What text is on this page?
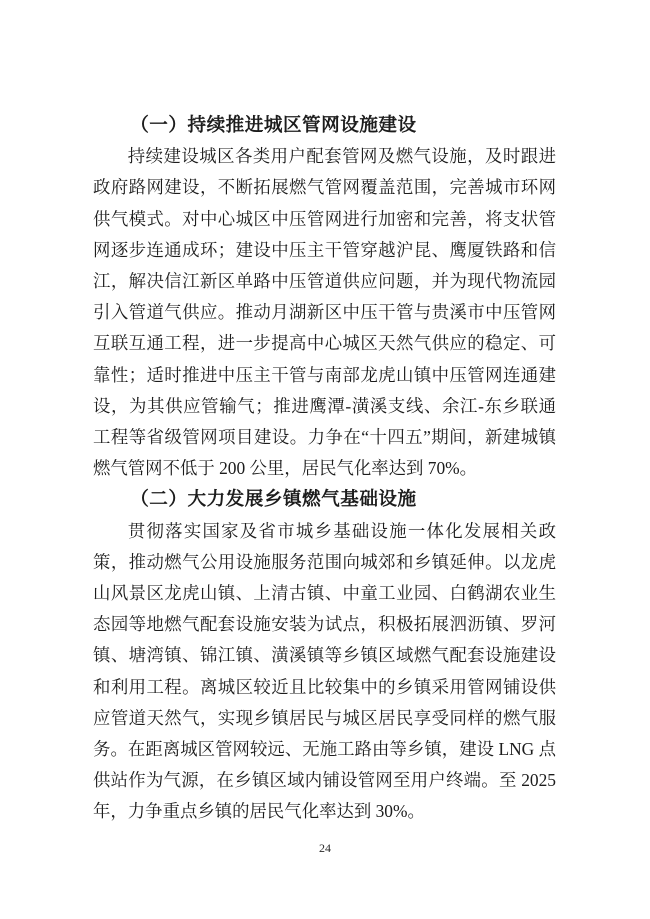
（一）持续推进城区管网设施建设

持续建设城区各类用户配套管网及燃气设施，及时跟进政府路网建设，不断拓展燃气管网覆盖范围，完善城市环网供气模式。对中心城区中压管网进行加密和完善，将支状管网逐步连通成环；建设中压主干管穿越沪昆、鹰厦铁路和信江，解决信江新区单路中压管道供应问题，并为现代物流园引入管道气供应。推动月湖新区中压干管与贵溪市中压管网互联互通工程，进一步提高中心城区天然气供应的稳定、可靠性；适时推进中压主干管与南部龙虎山镇中压管网连通建设，为其供应管输气；推进鹰潭-潢溪支线、余江-东乡联通工程等省级管网项目建设。力争在“十四五”期间，新建城镇燃气管网不低于 200 公里，居民气化率达到 70%。

（二）大力发展乡镇燃气基础设施

贯彻落实国家及省市城乡基础设施一体化发展相关政策，推动燃气公用设施服务范围向城郊和乡镇延伸。以龙虎山风景区龙虎山镇、上清古镇、中童工业园、白鹤湖农业生态园等地燃气配套设施安装为试点，积极拓展泗沥镇、罗河镇、塘湾镇、锦江镇、潢溪镇等乡镇区域燃气配套设施建设和利用工程。离城区较近且比较集中的乡镇采用管网铺设供应管道天然气，实现乡镇居民与城区居民享受同样的燃气服务。在距离城区管网较远、无施工路由等乡镇，建设 LNG 点供站作为气源，在乡镇区域内铺设管网至用户终端。至 2025 年，力争重点乡镇的居民气化率达到 30%。

24
